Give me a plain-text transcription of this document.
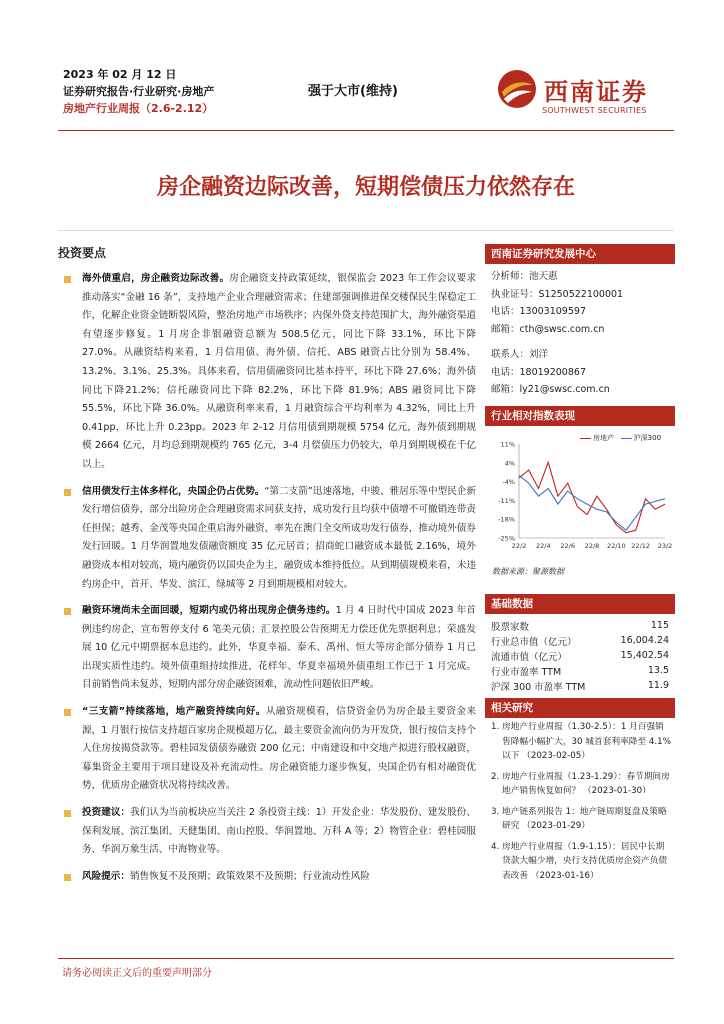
2023 年 02 月 12 日
证券研究报告·行业研究·房地产
房地产行业周报（2.6-2.12）
强于大市(维持)	西南证券
SOUTHWEST SECURITIES
房企融资边际改善，短期偿债压力依然存在
投资要点
海外债重启，房企融资边际改善。房企融资支持政策延续，银保监会 2023 年工作会议要求推动落实“金融 16 条”，支持地产企业合理融资需求；住建部强调推进保交楼保民生保稳定工作，化解企业资金链断裂风险，整治房地产市场秩序；内保外贷支持范围扩大，海外融资渠道有望逐步修复。1 月房企非银融资总额为 508.5亿元，同比下降 33.1%，环比下降 27.0%。从融资结构来看，1 月信用债、海外债、信托、ABS 融资占比分别为 58.4%、13.2%、3.1%、25.3%。具体来看，信用债融资同比基本持平，环比下降 27.6%；海外债同比下降21.2%；信托融资同比下降 82.2%，环比下降 81.9%；ABS 融资同比下降 55.5%，环比下降 36.0%。从融资利率来看，1 月融资综合平均利率为 4.32%，同比上升 0.41pp，环比上升 0.23pp。2023 年 2-12 月信用债到期规模 5754 亿元，海外债到期规模 2664 亿元，月均总到期规模约 765 亿元，3-4 月偿债压力仍较大，单月到期规模在千亿以上。
信用债发行主体多样化，央国企仍占优势。“第二支箭”迅速落地，中骏、雅居乐等中型民企新发行增信债券，部分出险房企合理融资需求同获支持，成功发行且均获中债增不可撤销连带责任担保；越秀、金茂等央国企重启海外融资，率先在澳门全交所成功发行债券，推动境外债券发行回暖。1 月华润置地发债融资额度 35 亿元居首；招商蛇口融资成本最低 2.16%，境外融资成本相对较高，境内融资仍以国央企为主，融资成本维持低位。从到期债规模来看，未违约房企中，首开、华发、滨江、绿城等 2 月到期规模相对较大。
融资环境尚未全面回暖，短期内或仍将出现房企债务违约。1 月 4 日时代中国成 2023 年首例违约房企，宣布暂停支付 6 笔美元债；汇景控股公告预期无力偿还优先票据利息；荣盛发展 10 亿元中期票据本息违约。此外，华夏幸福、泰禾、禹州、恒大等房企部分债券 1 月已出现实质性违约。境外债重组持续推进，花样年、华夏幸福境外债重组工作已于 1 月完成。目前销售尚未复苏，短期内部分房企融资困难，流动性问题依旧严峻。
“三支箭”持续落地，地产融资持续向好。从融资规模看，信贷资金仍为房企最主要资金来源，1 月银行按信支持超百家房企规模超万亿，最主要资金流向仍为开发贷，银行按信支持个人住房按揭贷款等。碧桂园发债债券融资 200 亿元；中南建设和中交地产拟进行股权融资，募集资金主要用于项目建设及补充流动性。房企融资能力逐步恢复，央国企仍有相对融资优势，优质房企融资状况将持续改善。
投资建议：我们认为当前板块应当关注 2 条投资主线：1）开发企业：华发股份、建发股份、保利发展、滨江集团、天健集团、南山控股、华润置地、万科 A 等；2）物管企业：碧桂园服务、华润万象生活、中海物业等。
风险提示：销售恢复不及预期；政策效果不及预期；行业流动性风险
西南证券研究发展中心
分析师：池天惠
执业证号：S1250522100001
电话：13003109597
邮箱：cth@swsc.com.cn
联系人：刘洋
电话：18019200867
邮箱：ly21@swsc.com.cn
行业相对指数表现
11%
4%
-4%
-11%
-18%
-25%
22/2 22/4 22/6 22/8 22/10 22/12 23/2
房地产	沪深300
数据来源：聚源数据
基础数据
股票家数	115
行业总市值（亿元）	16,004.24
流通市值（亿元）	15,402.54
行业市盈率 TTM	13.5
沪深 300 市盈率 TTM	11.9
相关研究
1. 房地产行业周报（1.30-2.5）：1 月百强销售降幅小幅扩大，30 城首套利率降至 4.1%以下 （2023-02-05）
2. 房地产行业周报（1.23-1.29）：春节期间房地产销售恢复如何？ （2023-01-30）
3. 地产链系列报告 1：地产链周期复盘及策略研究 （2023-01-29）
4. 房地产行业周报（1.9-1.15）：居民中长期贷款大幅少增，央行支持优质房企资产负债表改善 （2023-01-16）
请务必阅读正文后的重要声明部分
